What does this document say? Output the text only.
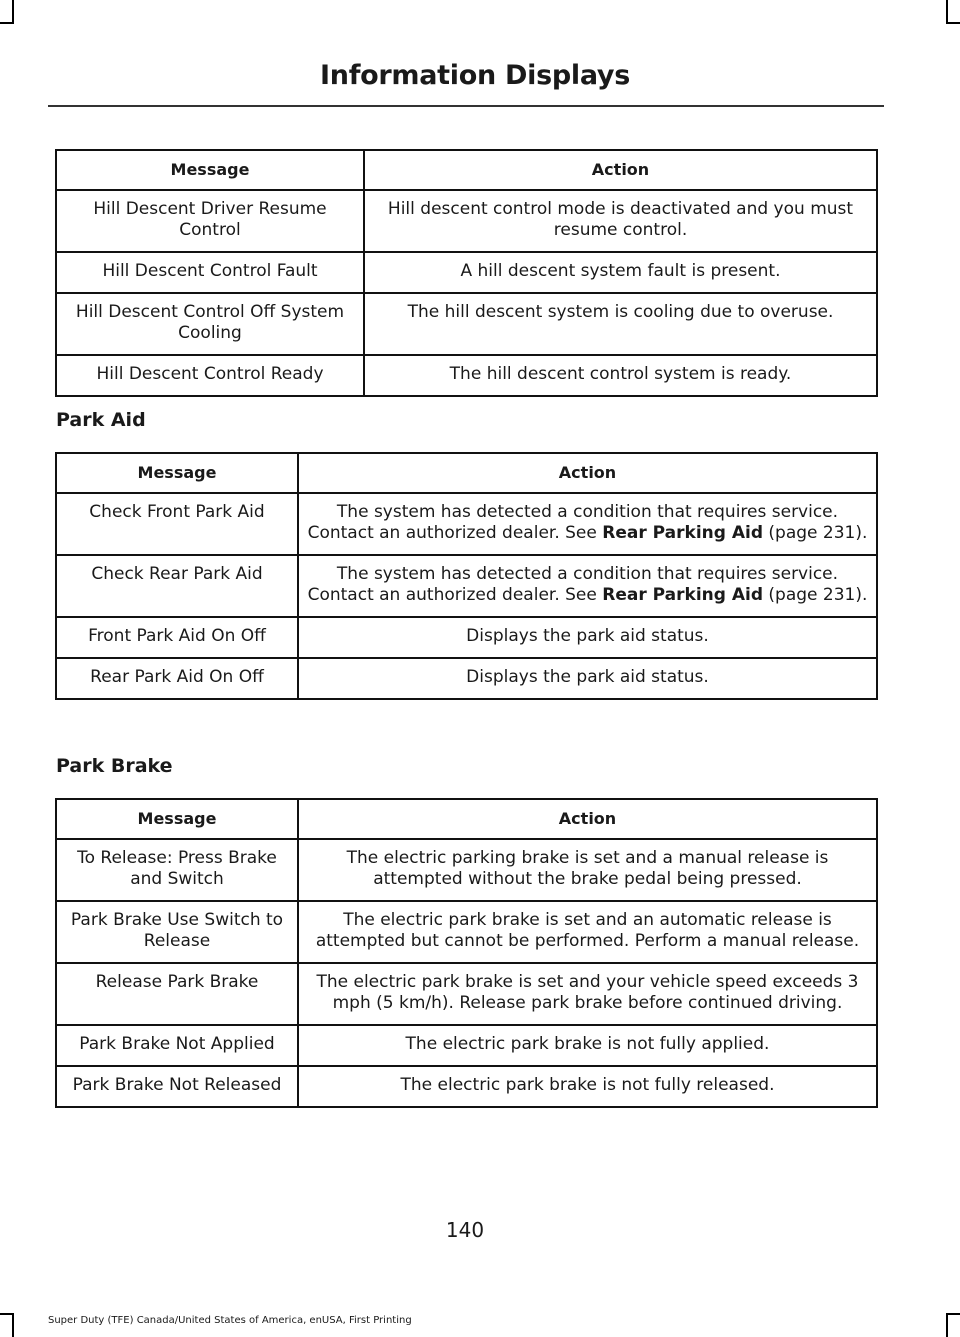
Information Displays
Message	Action
Hill Descent Driver Resume Control	Hill descent control mode is deactivated and you must resume control.
Hill Descent Control Fault	A hill descent system fault is present.
Hill Descent Control Off System Cooling	The hill descent system is cooling due to overuse.
Hill Descent Control Ready	The hill descent control system is ready.
Park Aid
Message	Action
Check Front Park Aid	The system has detected a condition that requires service. Contact an authorized dealer. See Rear Parking Aid (page 231).
Check Rear Park Aid	The system has detected a condition that requires service. Contact an authorized dealer. See Rear Parking Aid (page 231).
Front Park Aid On Off	Displays the park aid status.
Rear Park Aid On Off	Displays the park aid status.
Park Brake
Message	Action
To Release: Press Brake and Switch	The electric parking brake is set and a manual release is attempted without the brake pedal being pressed.
Park Brake Use Switch to Release	The electric park brake is set and an automatic release is attempted but cannot be performed. Perform a manual release.
Release Park Brake	The electric park brake is set and your vehicle speed exceeds 3 mph (5 km/h). Release park brake before continued driving.
Park Brake Not Applied	The electric park brake is not fully applied.
Park Brake Not Released	The electric park brake is not fully released.
140
Super Duty (TFE) Canada/United States of America, enUSA, First Printing
